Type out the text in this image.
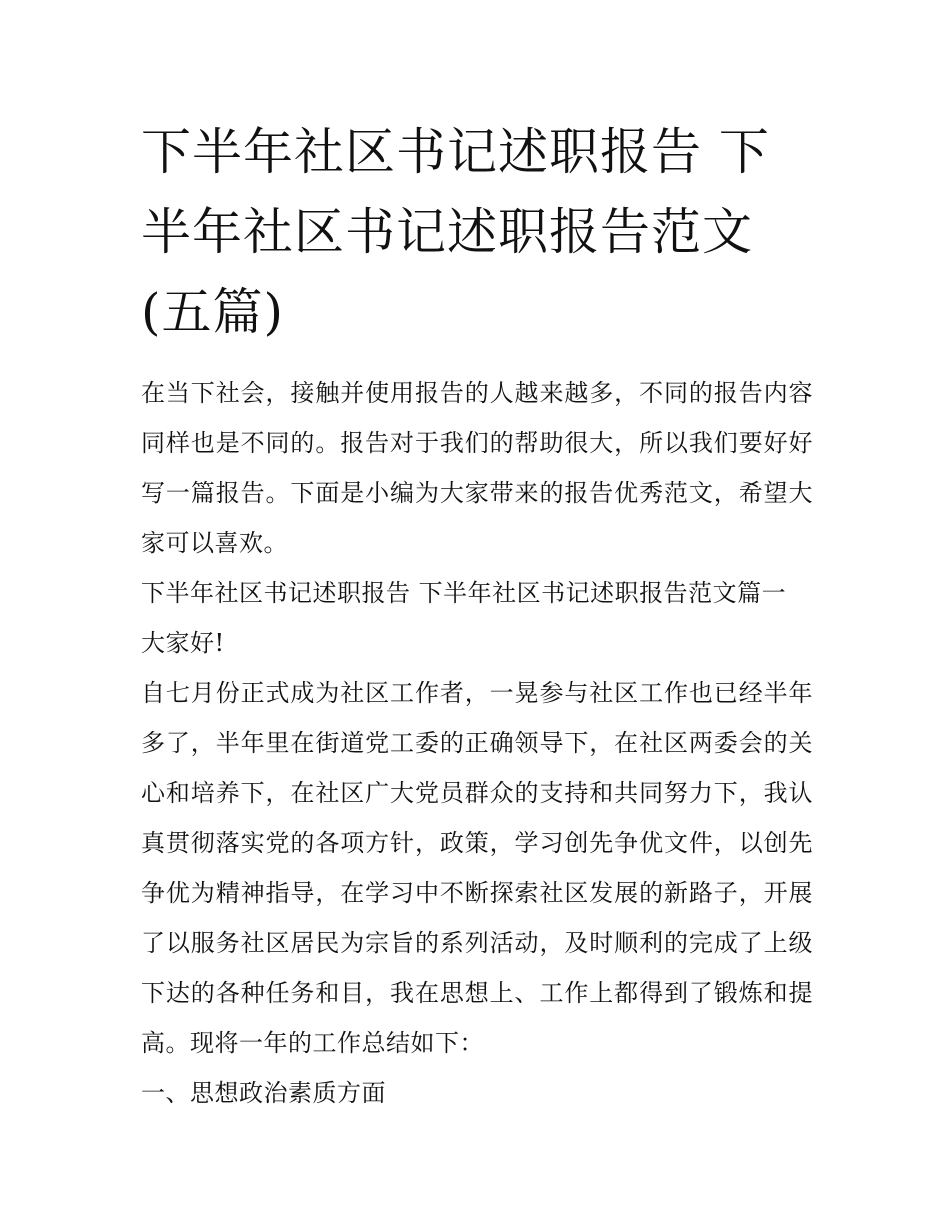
下半年社区书记述职报告 下半年社区书记述职报告范文(五篇)

在当下社会，接触并使用报告的人越来越多，不同的报告内容同样也是不同的。报告对于我们的帮助很大，所以我们要好好写一篇报告。下面是小编为大家带来的报告优秀范文，希望大家可以喜欢。

下半年社区书记述职报告 下半年社区书记述职报告范文篇一

大家好!

自七月份正式成为社区工作者，一晃参与社区工作也已经半年多了，半年里在街道党工委的正确领导下，在社区两委会的关心和培养下，在社区广大党员群众的支持和共同努力下，我认真贯彻落实党的各项方针，政策，学习创先争优文件，以创先争优为精神指导，在学习中不断探索社区发展的新路子，开展了以服务社区居民为宗旨的系列活动，及时顺利的完成了上级下达的各种任务和目，我在思想上、工作上都得到了锻炼和提高。现将一年的工作总结如下：

一、思想政治素质方面
